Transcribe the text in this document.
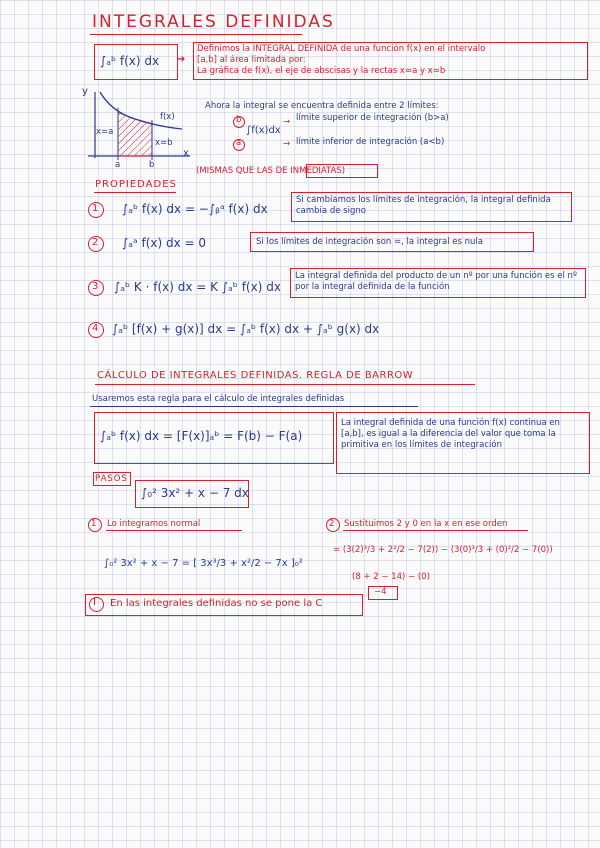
INTEGRALES DEFINIDAS
∫ₐᵇ f(x) dx ➜
Definimos la INTEGRAL DEFINIDA de una función f(x) en el intervalo
[a,b] al área limitada por:
La gráfica de f(x), el eje de abscisas y la rectas x=a y x=b
y
x
f(x)
x=a
x=b
a	b
Ahora la integral se encuentra definida entre 2 límites:
b
a
∫f(x)dx
→
→
límite superior de integración (b>a)
límite inferior de integración (a<b)
PROPIEDADES
(MISMAS QUE LAS DE INMEDIATAS)
1 ∫ₐᵇ f(x) dx = −∫ᵦᵃ f(x) dx
Si cambiamos los límites de integración, la integral definida cambia de signo
2 ∫ₐᵃ f(x) dx = 0	Si los límites de integración son =, la integral es nula
3 ∫ₐᵇ K · f(x) dx = K ∫ₐᵇ f(x) dx
La integral definida del producto de un nº por una función es el nº por la integral definida de la función
4 ∫ₐᵇ [f(x) + g(x)] dx = ∫ₐᵇ f(x) dx + ∫ₐᵇ g(x) dx
CÁLCULO DE INTEGRALES DEFINIDAS. REGLA DE BARROW
Usaremos esta regla para el cálculo de integrales definidas
∫ₐᵇ f(x) dx = [F(x)]ₐᵇ = F(b) − F(a)
La integral definida de una función f(x) continua en [a,b], es igual a la diferencia del valor que toma la primitiva en los límites de integración
PASOS
∫₀² 3x² + x − 7 dx
1 Lo integramos normal
∫₀² 3x² + x − 7 = [ 3x³/3 + x²/2 − 7x ]₀²
2 Sustituimos 2 y 0 en la x en ese orden
= (3(2)³/3 + 2²/2 − 7(2)) − (3(0)³/3 + (0)²/2 − 7(0))
(8 + 2 − 14) − (0)
−4
I En las integrales definidas no se pone la C
